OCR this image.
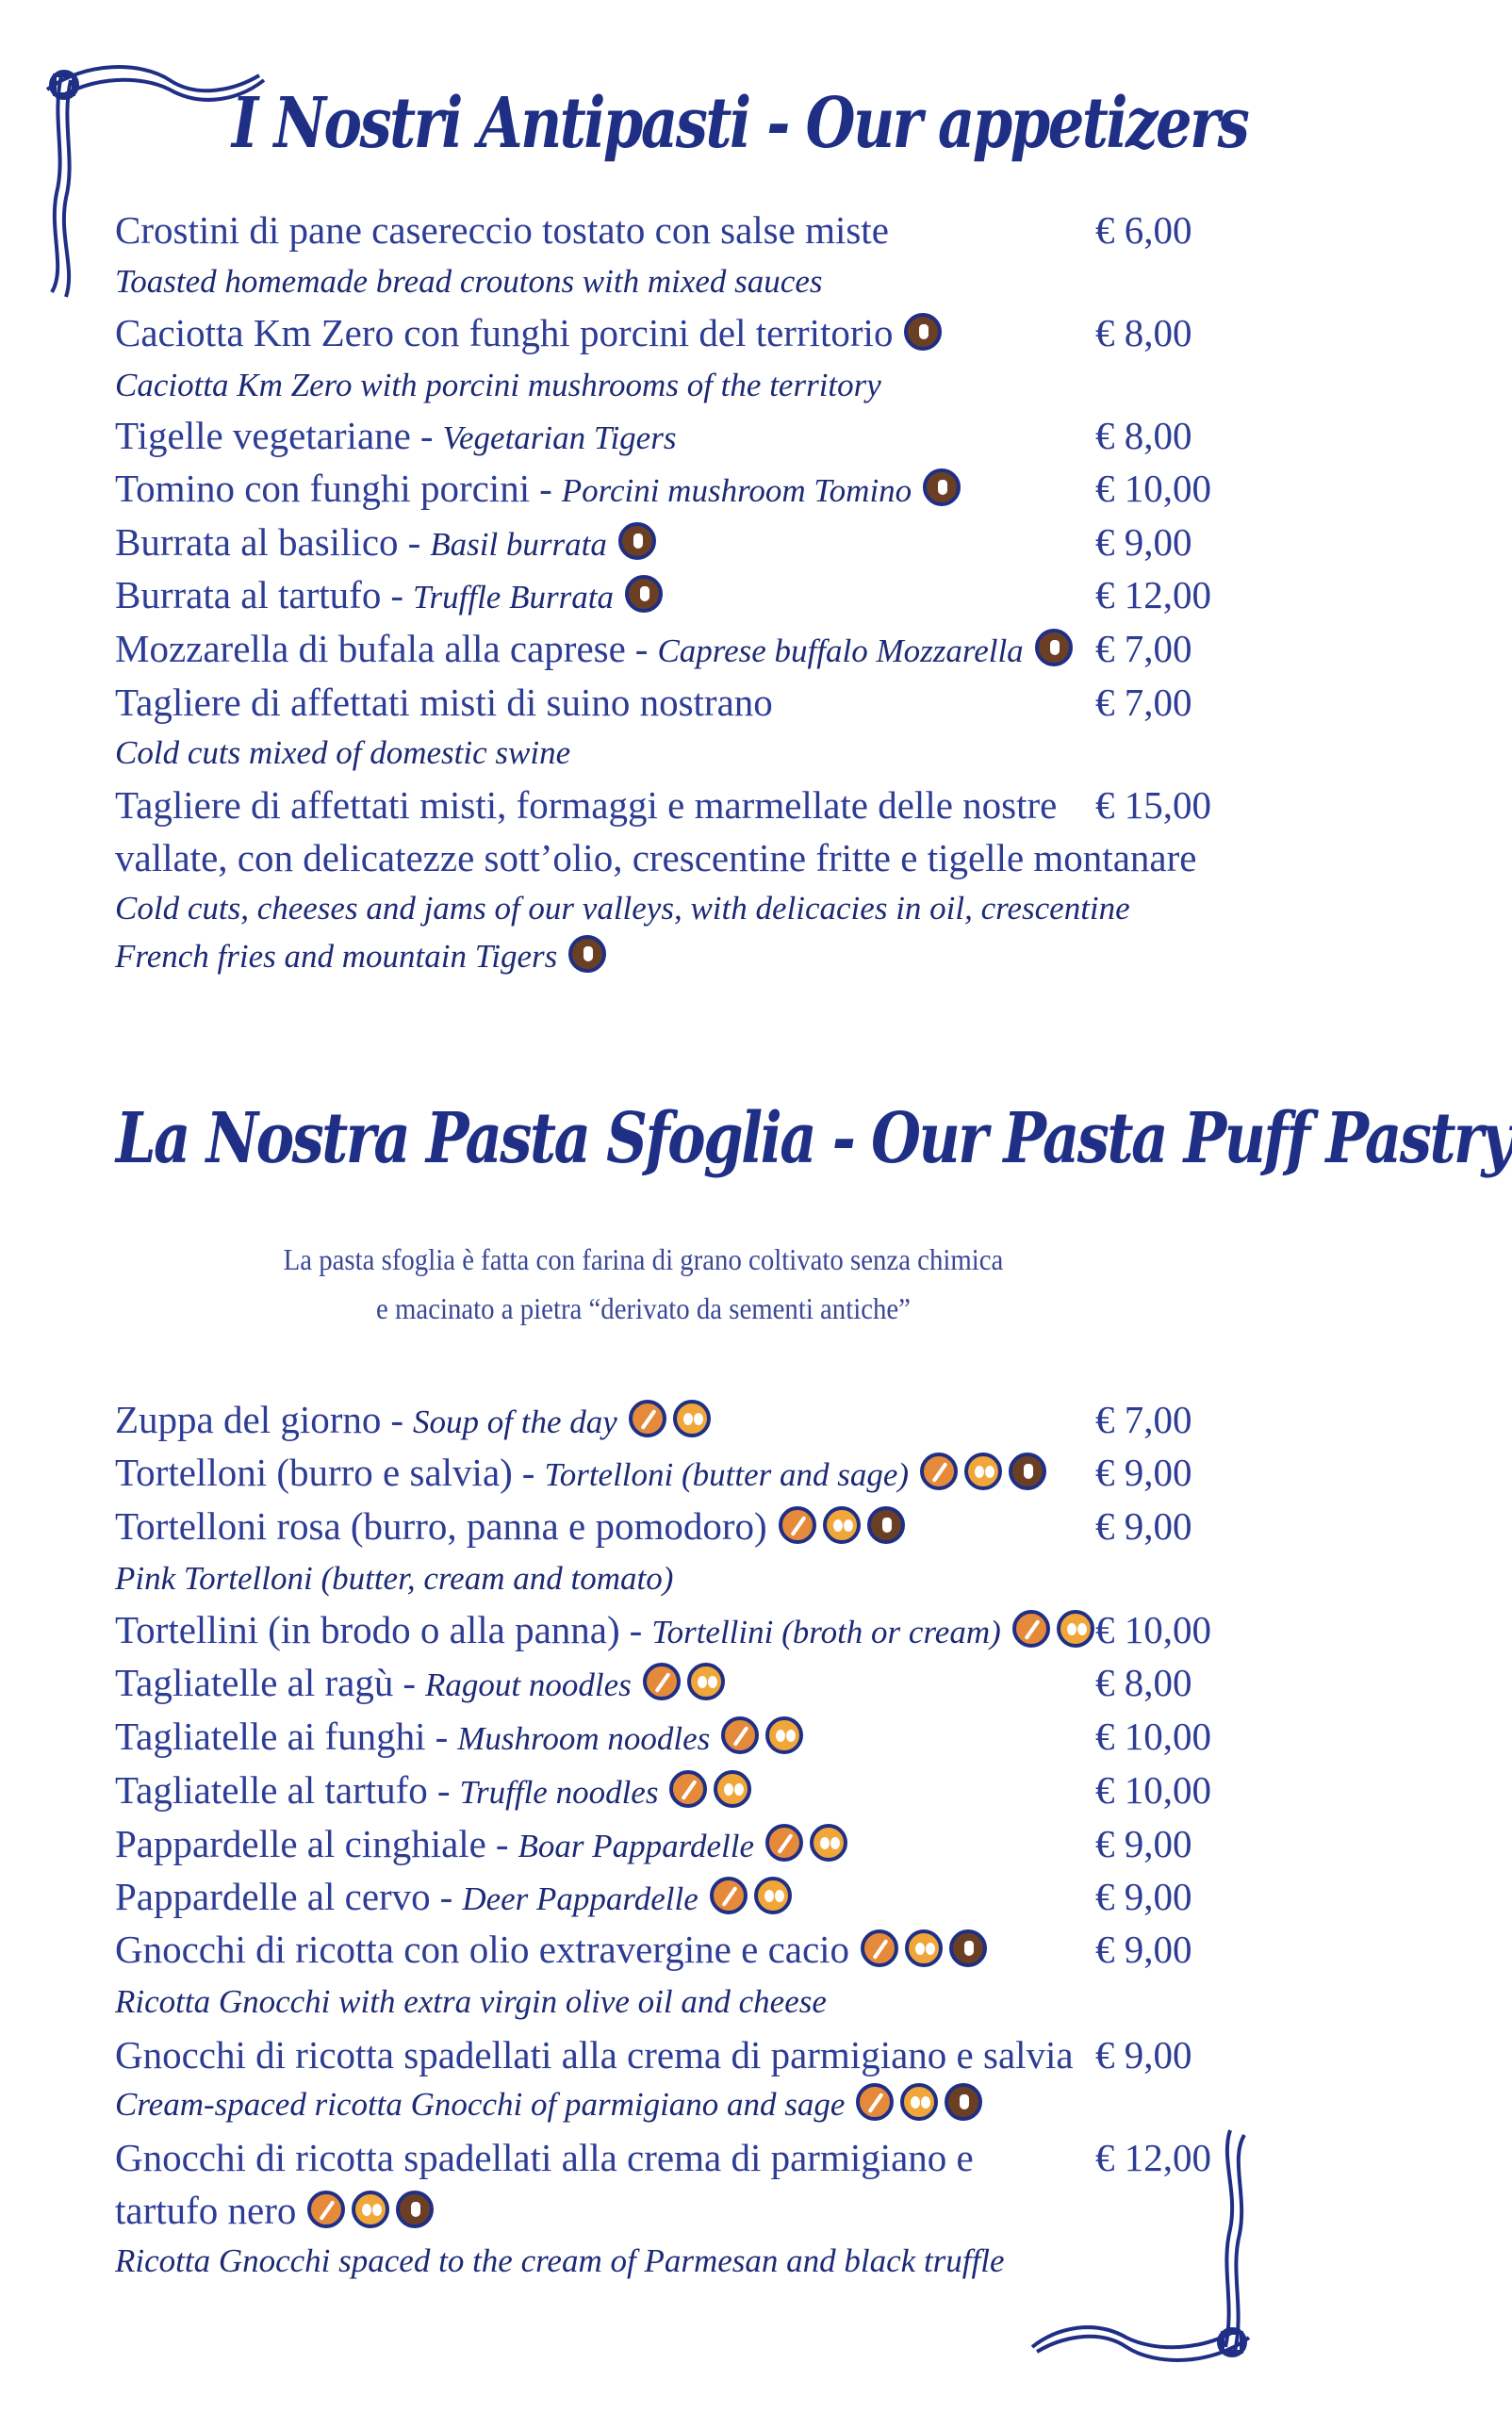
I Nostri Antipasti - Our appetizers
Crostini di pane casereccio tostato con salse miste	€ 6,00
Toasted homemade bread croutons with mixed sauces
Caciotta Km Zero con funghi porcini del territorio	€ 8,00
Caciotta Km Zero with porcini mushrooms of the territory
Tigelle vegetariane - Vegetarian Tigers	€ 8,00
Tomino con funghi porcini - Porcini mushroom Tomino	€ 10,00
Burrata al basilico - Basil burrata	€ 9,00
Burrata al tartufo - Truffle Burrata	€ 12,00
Mozzarella di bufala alla caprese - Caprese buffalo Mozzarella € 7,00
Tagliere di affettati misti di suino nostrano	€ 7,00
Cold cuts mixed of domestic swine
Tagliere di affettati misti, formaggi e marmellate delle nostre € 15,00
vallate, con delicatezze sott’olio, crescentine fritte e tigelle montanare
Cold cuts, cheeses and jams of our valleys, with delicacies in oil, crescentine
French fries and mountain Tigers
La Nostra Pasta Sfoglia - Our Pasta Puff Pastry
La pasta sfoglia è fatta con farina di grano coltivato senza chimica
e macinato a pietra “derivato da sementi antiche”
Zuppa del giorno - Soup of the day	€ 7,00
Tortelloni (burro e salvia) - Tortelloni (butter and sage)	€ 9,00
Tortelloni rosa (burro, panna e pomodoro)	€ 9,00
Pink Tortelloni (butter, cream and tomato)
Tortellini (in brodo o alla panna) - Tortellini (broth or cream) € 10,00
Tagliatelle al ragù - Ragout noodles	€ 8,00
Tagliatelle ai funghi - Mushroom noodles	€ 10,00
Tagliatelle al tartufo - Truffle noodles	€ 10,00
Pappardelle al cinghiale - Boar Pappardelle	€ 9,00
Pappardelle al cervo - Deer Pappardelle	€ 9,00
Gnocchi di ricotta con olio extravergine e cacio	€ 9,00
Ricotta Gnocchi with extra virgin olive oil and cheese
Gnocchi di ricotta spadellati alla crema di parmigiano e salvia € 9,00
Cream-spaced ricotta Gnocchi of parmigiano and sage
Gnocchi di ricotta spadellati alla crema di parmigiano e	€ 12,00
tartufo nero
Ricotta Gnocchi spaced to the cream of Parmesan and black truffle
